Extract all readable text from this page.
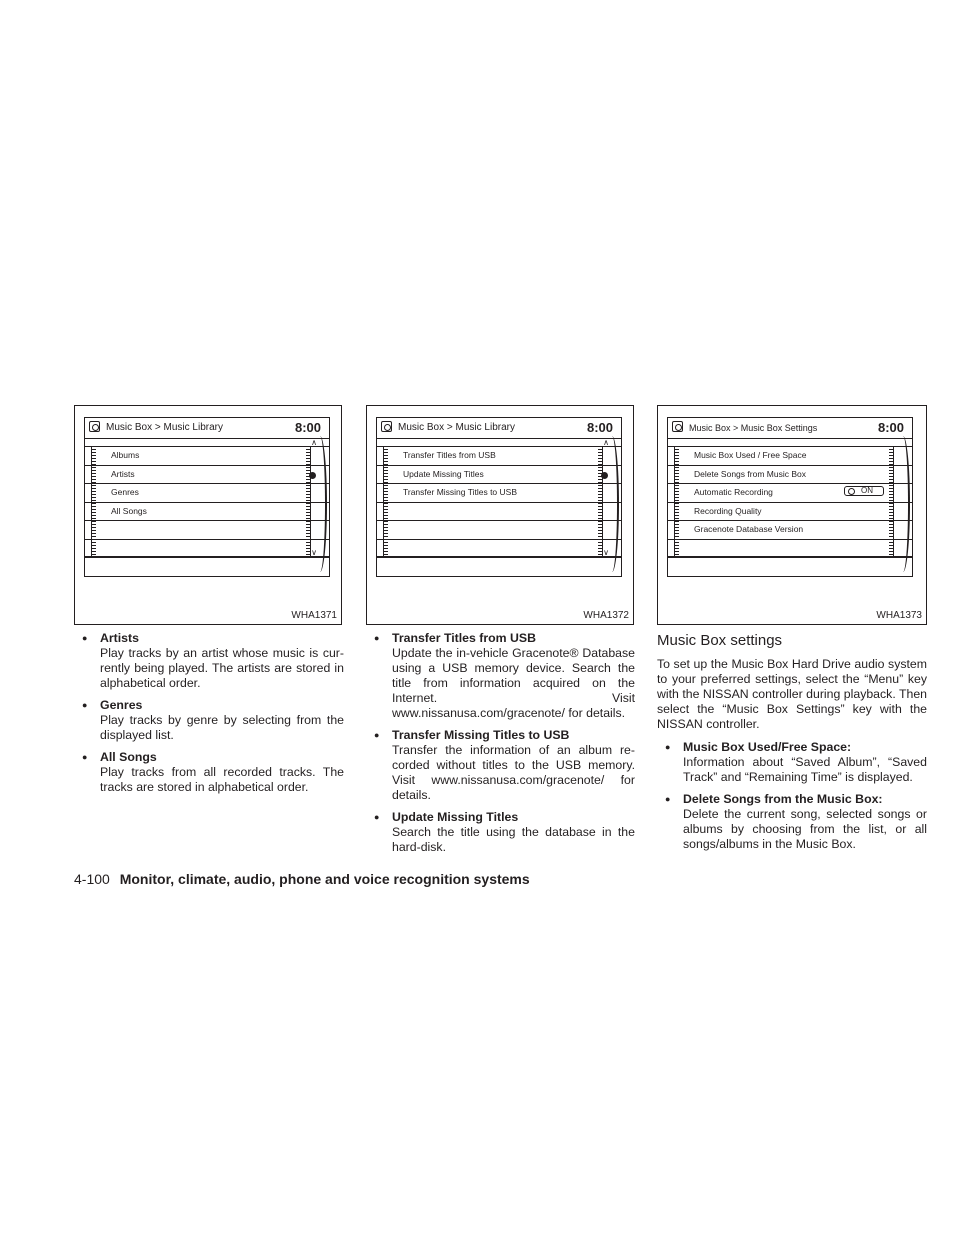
Music Box > Music Library	8:00
∧
∨
Albums
Artists
Genres
All Songs
WHA1371
Music Box > Music Library	8:00
∧
∨
Transfer Titles from USB
Update Missing Titles
Transfer Missing Titles to USB
WHA1372
Music Box > Music Box Settings	8:00
Music Box Used / Free Space
Delete Songs from Music Box
Automatic Recording	ON
Recording Quality
Gracenote Database Version
WHA1373
● Artists
Play tracks by an artist whose music is cur-rently being played. The artists are stored in alphabetical order.
● Genres
Play tracks by genre by selecting from the displayed list.
● All Songs
Play tracks from all recorded tracks. The tracks are stored in alphabetical order.
● Transfer Titles from USB
Update the in-vehicle Gracenote® Database using a USB memory device. Search the title from information acquired on the Internet. Visit www.nissanusa.com/gracenote/ for details.
● Transfer Missing Titles to USB
Transfer the information of an album re-corded without titles to the USB memory. Visit www.nissanusa.com/gracenote/ for details.
● Update Missing Titles
Search the title using the database in the hard-disk.
Music Box settings
To set up the Music Box Hard Drive audio system to your preferred settings, select the “Menu” key with the NISSAN controller during playback. Then select the “Music Box Settings” key with the NISSAN controller.
● Music Box Used/Free Space:
Information about “Saved Album”, “Saved Track” and “Remaining Time” is displayed.
● Delete Songs from the Music Box:
Delete the current song, selected songs or albums by choosing from the list, or all songs/albums in the Music Box.
4-100 Monitor, climate, audio, phone and voice recognition systems
